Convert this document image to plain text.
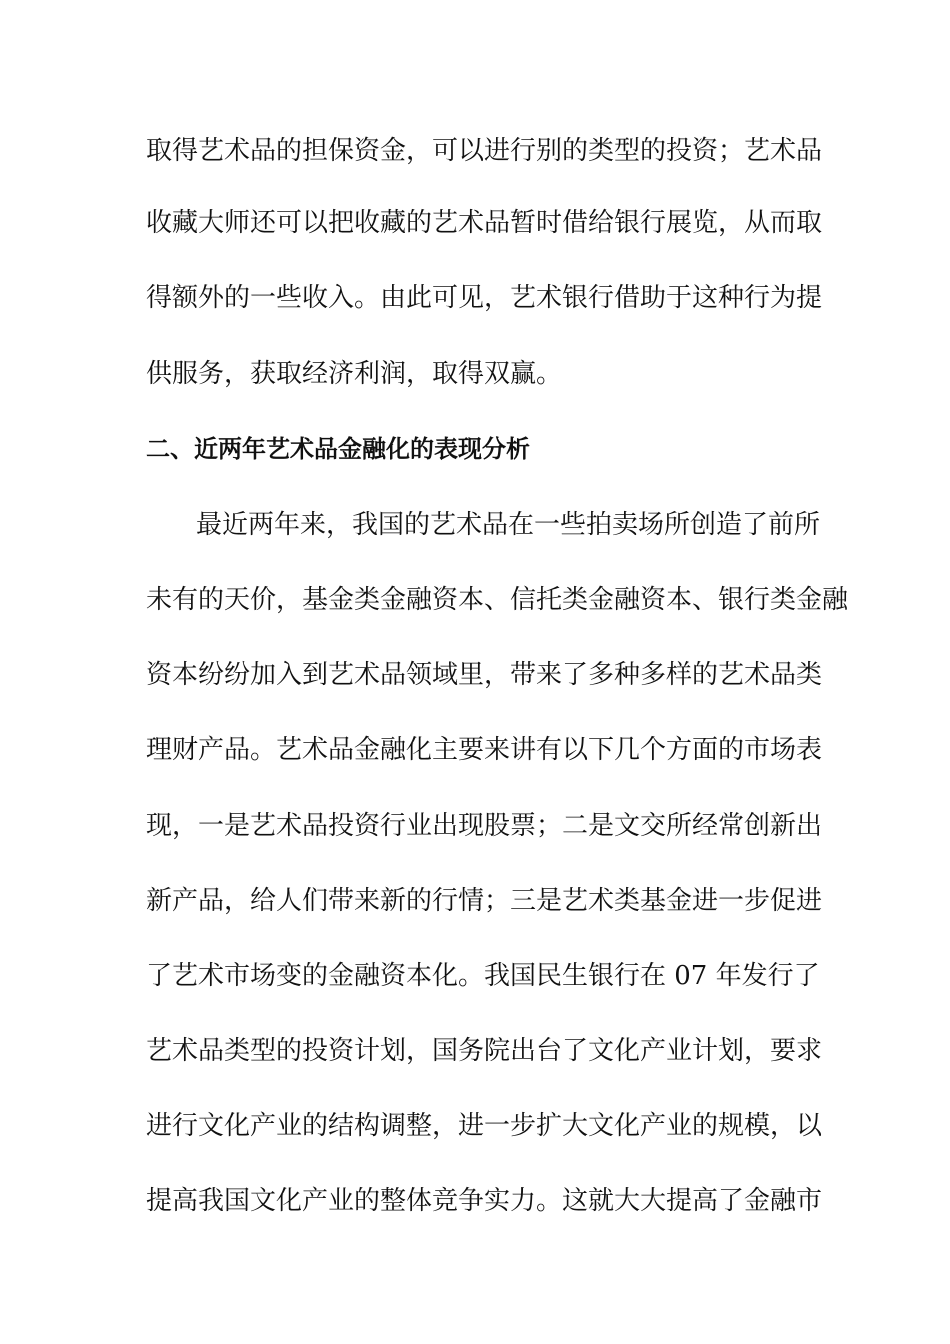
取得艺术品的担保资金，可以进行别的类型的投资；艺术品
收藏大师还可以把收藏的艺术品暂时借给银行展览，从而取
得额外的一些收入。由此可见，艺术银行借助于这种行为提
供服务，获取经济利润，取得双赢。
二、近两年艺术品金融化的表现分析
最近两年来，我国的艺术品在一些拍卖场所创造了前所
未有的天价，基金类金融资本、信托类金融资本、银行类金融
资本纷纷加入到艺术品领域里，带来了多种多样的艺术品类
理财产品。艺术品金融化主要来讲有以下几个方面的市场表
现，一是艺术品投资行业出现股票；二是文交所经常创新出
新产品，给人们带来新的行情；三是艺术类基金进一步促进
了艺术市场变的金融资本化。我国民生银行在 07 年发行了
艺术品类型的投资计划，国务院出台了文化产业计划，要求
进行文化产业的结构调整，进一步扩大文化产业的规模，以
提高我国文化产业的整体竞争实力。这就大大提高了金融市
